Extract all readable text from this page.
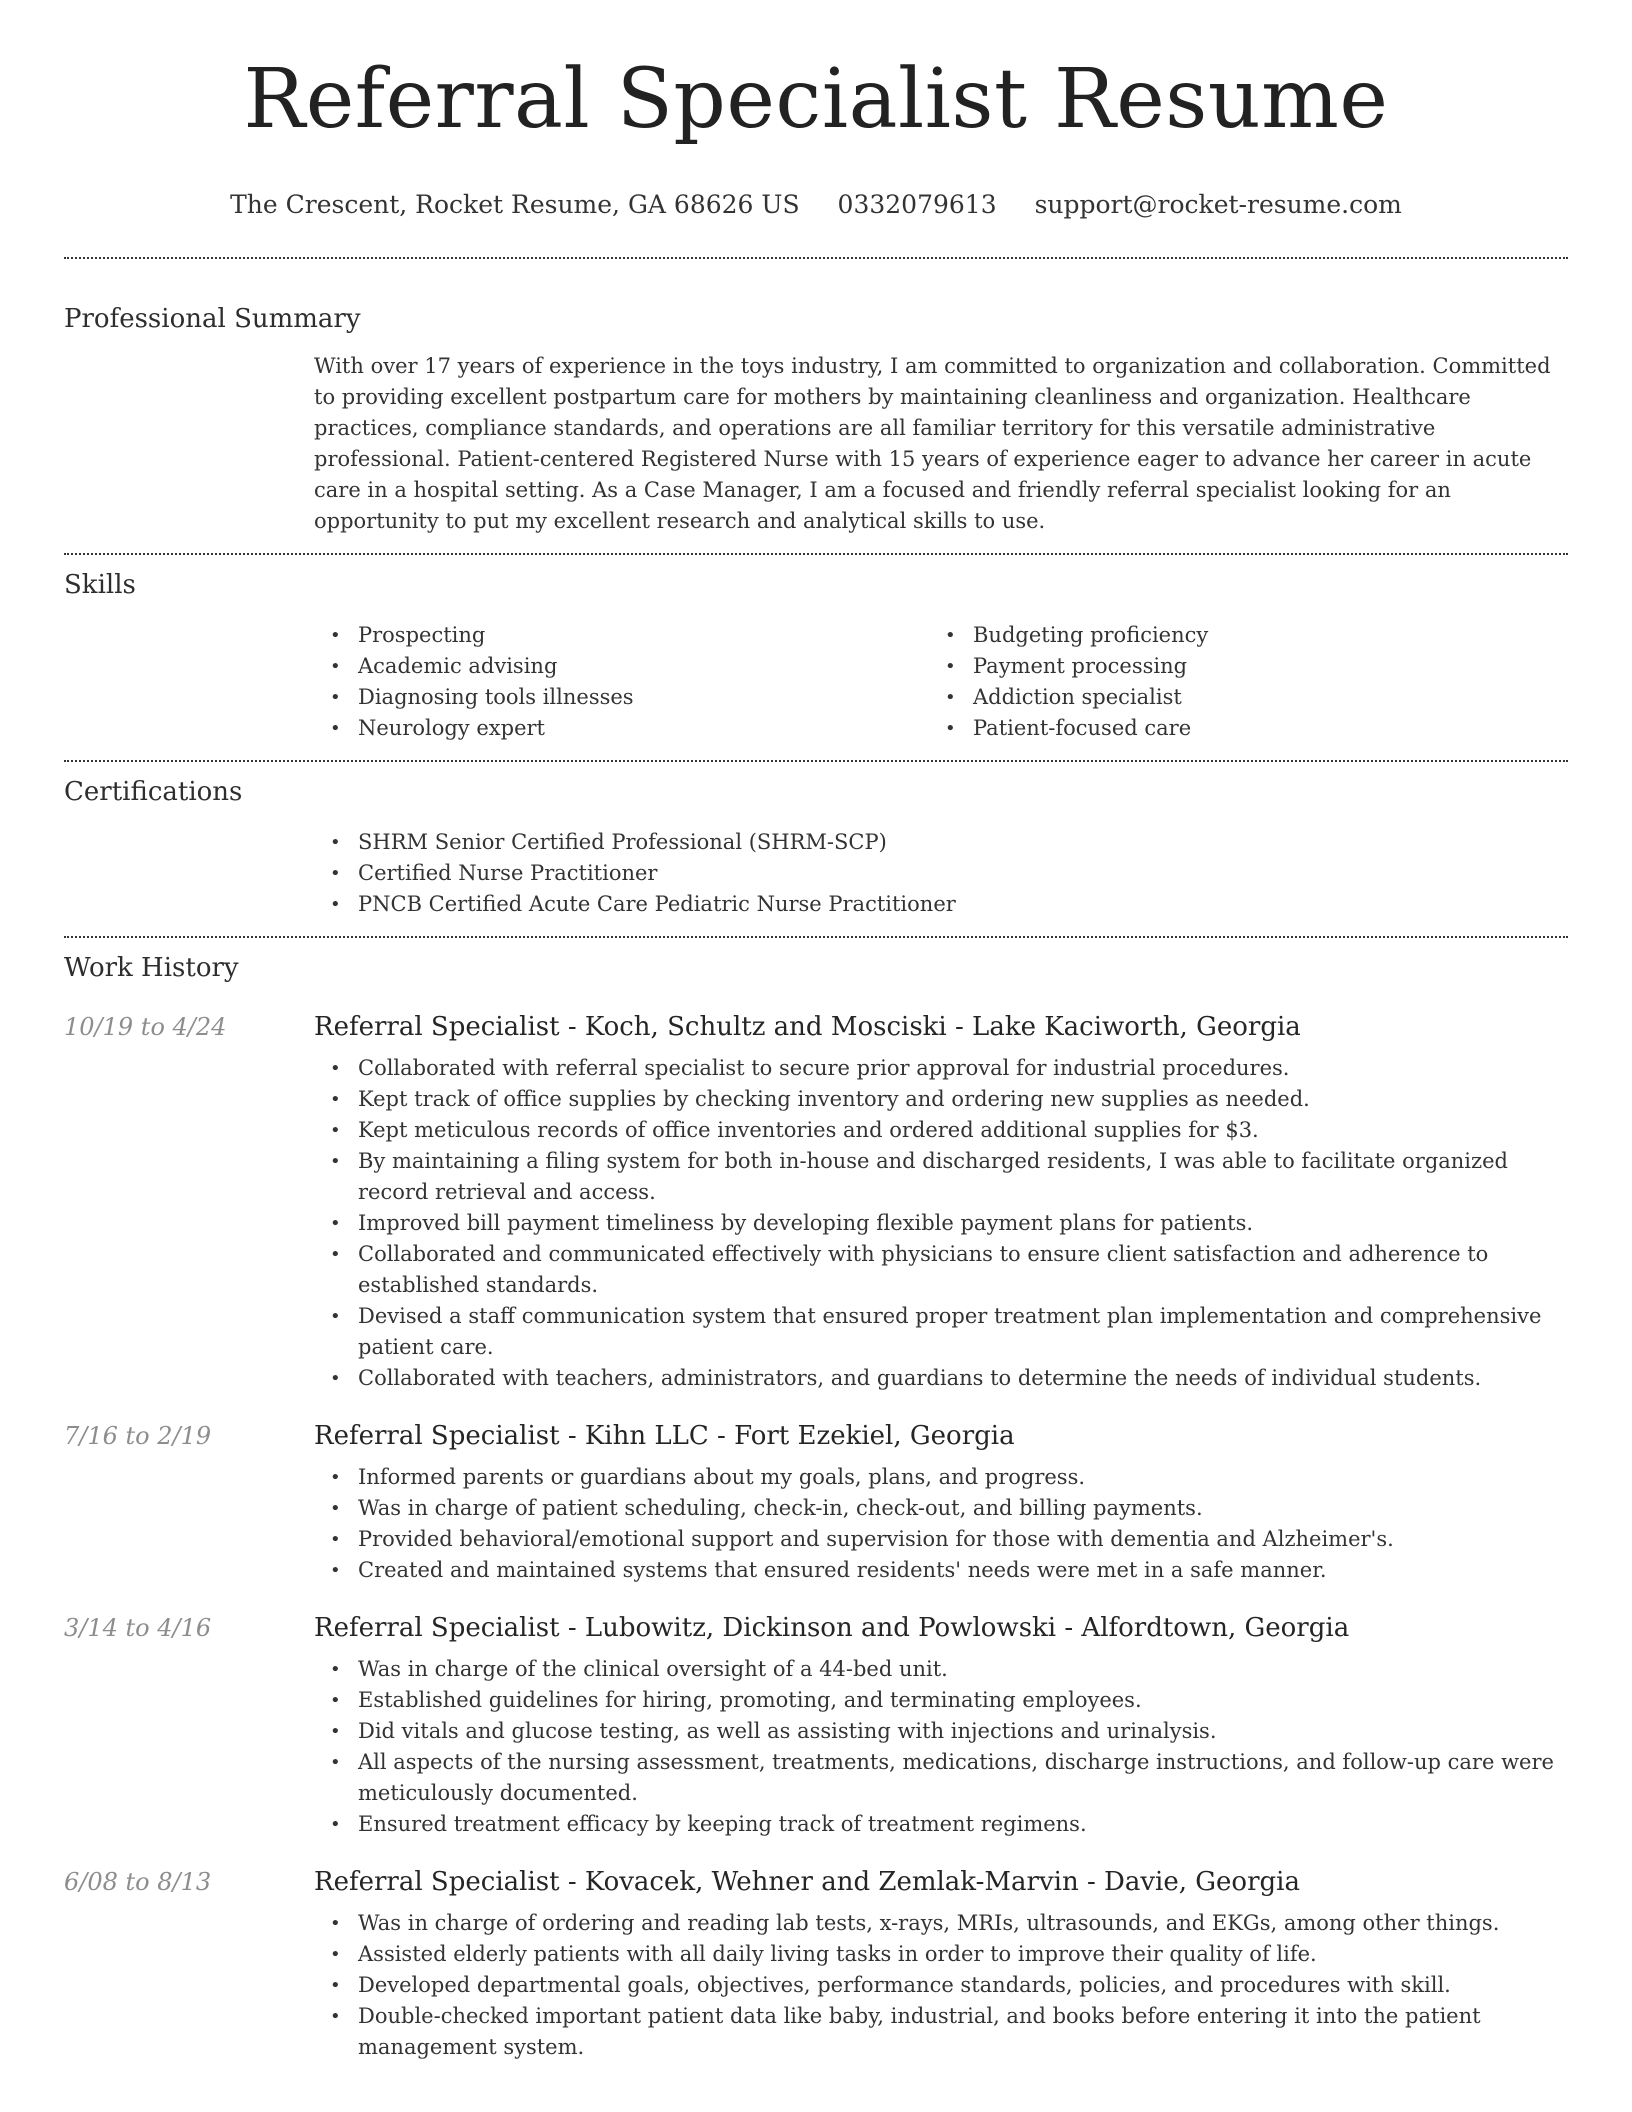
Referral Specialist Resume
The Crescent, Rocket Resume, GA 68626 US 0332079613 support@rocket-resume.com
Professional Summary

With over 17 years of experience in the toys industry, I am committed to organization and collaboration. Committed to providing excellent postpartum care for mothers by maintaining cleanliness and organization. Healthcare practices, compliance standards, and operations are all familiar territory for this versatile administrative professional. Patient-centered Registered Nurse with 15 years of experience eager to advance her career in acute care in a hospital setting. As a Case Manager, I am a focused and friendly referral specialist looking for an opportunity to put my excellent research and analytical skills to use.

Skills
• Prospecting
• Academic advising
• Diagnosing tools illnesses
• Neurology expert
• Budgeting proficiency
• Payment processing
• Addiction specialist
• Patient-focused care
Certifications
• SHRM Senior Certified Professional (SHRM-SCP)
• Certified Nurse Practitioner
• PNCB Certified Acute Care Pediatric Nurse Practitioner
Work History
10/19 to 4/24	Referral Specialist - Koch, Schultz and Mosciski - Lake Kaciworth, Georgia
• Collaborated with referral specialist to secure prior approval for industrial procedures.
• Kept track of office supplies by checking inventory and ordering new supplies as needed.
• Kept meticulous records of office inventories and ordered additional supplies for $3.
• By maintaining a filing system for both in-house and discharged residents, I was able to facilitate organized record retrieval and access.
• Improved bill payment timeliness by developing flexible payment plans for patients.
• Collaborated and communicated effectively with physicians to ensure client satisfaction and adherence to established standards.
• Devised a staff communication system that ensured proper treatment plan implementation and comprehensive patient care.
• Collaborated with teachers, administrators, and guardians to determine the needs of individual students.
7/16 to 2/19	Referral Specialist - Kihn LLC - Fort Ezekiel, Georgia
• Informed parents or guardians about my goals, plans, and progress.
• Was in charge of patient scheduling, check-in, check-out, and billing payments.
• Provided behavioral/emotional support and supervision for those with dementia and Alzheimer's.
• Created and maintained systems that ensured residents' needs were met in a safe manner.
3/14 to 4/16	Referral Specialist - Lubowitz, Dickinson and Powlowski - Alfordtown, Georgia
• Was in charge of the clinical oversight of a 44-bed unit.
• Established guidelines for hiring, promoting, and terminating employees.
• Did vitals and glucose testing, as well as assisting with injections and urinalysis.
• All aspects of the nursing assessment, treatments, medications, discharge instructions, and follow-up care were meticulously documented.
• Ensured treatment efficacy by keeping track of treatment regimens.
6/08 to 8/13	Referral Specialist - Kovacek, Wehner and Zemlak-Marvin - Davie, Georgia
• Was in charge of ordering and reading lab tests, x-rays, MRIs, ultrasounds, and EKGs, among other things.
• Assisted elderly patients with all daily living tasks in order to improve their quality of life.
• Developed departmental goals, objectives, performance standards, policies, and procedures with skill.
• Double-checked important patient data like baby, industrial, and books before entering it into the patient management system.
